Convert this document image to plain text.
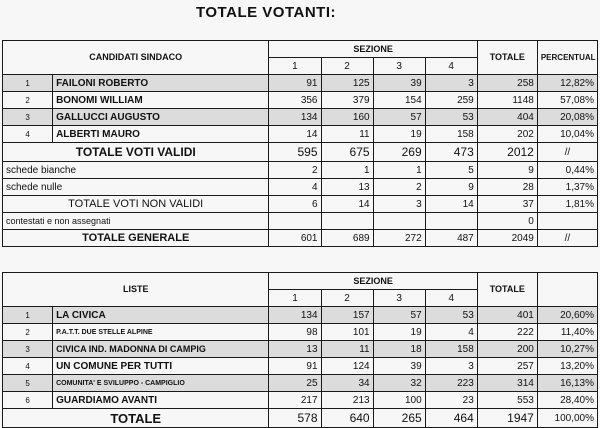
TOTALE VOTANTI:
CANDIDATI SINDACO		SEZIONE				TOTALE	PERCENTUAL
		1	2	3	4		
1	FAILONI ROBERTO	91	125	39	3	258	12,82%
2	BONOMI WILLIAM	356	379	154	259	1148	57,08%
3	GALLUCCI AUGUSTO	134	160	57	53	404	20,08%
4	ALBERTI MAURO	14	11	19	158	202	10,04%
TOTALE VOTI VALIDI		595	675	269	473	2012	//
schede bianche		2	1	1	5	9	0,44%
schede nulle		4	13	2	9	28	1,37%
TOTALE VOTI NON VALIDI		6	14	3	14	37	1,81%
contestati e non assegnati						0	
TOTALE GENERALE		601	689	272	487	2049	//
LISTE		SEZIONE				TOTALE	
		1	2	3	4		
1	LA CIVICA	134	157	57	53	401	20,60%
2	P.A.T.T. DUE STELLE ALPINE	98	101	19	4	222	11,40%
3	CIVICA IND. MADONNA DI CAMPIG	13	11	18	158	200	10,27%
4	UN COMUNE PER TUTTI	91	124	39	3	257	13,20%
5	COMUNITA' E SVILUPPO - CAMPIGLIO	25	34	32	223	314	16,13%
6	GUARDIAMO AVANTI	217	213	100	23	553	28,40%
TOTALE		578	640	265	464	1947	100,00%
